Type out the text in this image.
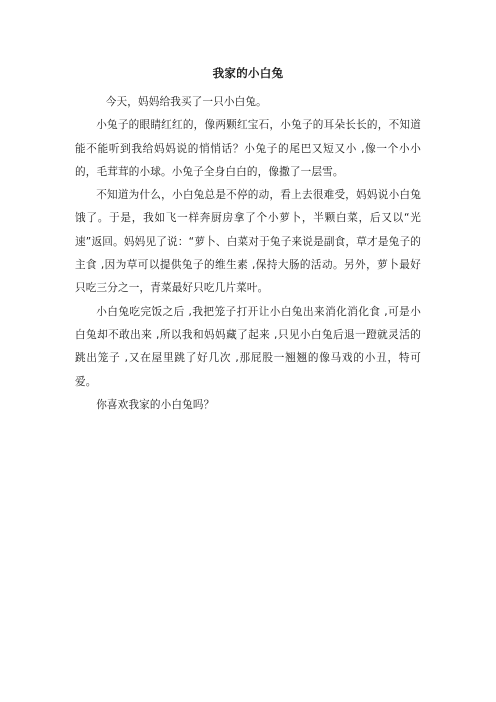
我家的小白兔

今天，妈妈给我买了一只小白兔。

小兔子的眼睛红红的，像两颗红宝石，小兔子的耳朵长长的，不知道能不能听到我给妈妈说的悄悄话？小兔子的尾巴又短又小 ,像一个小小的，毛茸茸的小球。小兔子全身白白的，像撒了一层雪。

不知道为什么，小白兔总是不停的动，看上去很难受，妈妈说小白兔饿了。于是，我如飞一样奔厨房拿了个小萝卜，半颗白菜，后又以“光速”返回。妈妈见了说：“萝卜、白菜对于兔子来说是副食，草才是兔子的主食 ,因为草可以提供兔子的维生素 ,保持大肠的活动。另外，萝卜最好只吃三分之一，青菜最好只吃几片菜叶。

小白兔吃完饭之后 ,我把笼子打开让小白兔出来消化消化食 ,可是小白兔却不敢出来 ,所以我和妈妈藏了起来 ,只见小白兔后退一蹬就灵活的跳出笼子 ,又在屋里跳了好几次 ,那屁股一翘翘的像马戏的小丑，特可爱。

你喜欢我家的小白兔吗？
